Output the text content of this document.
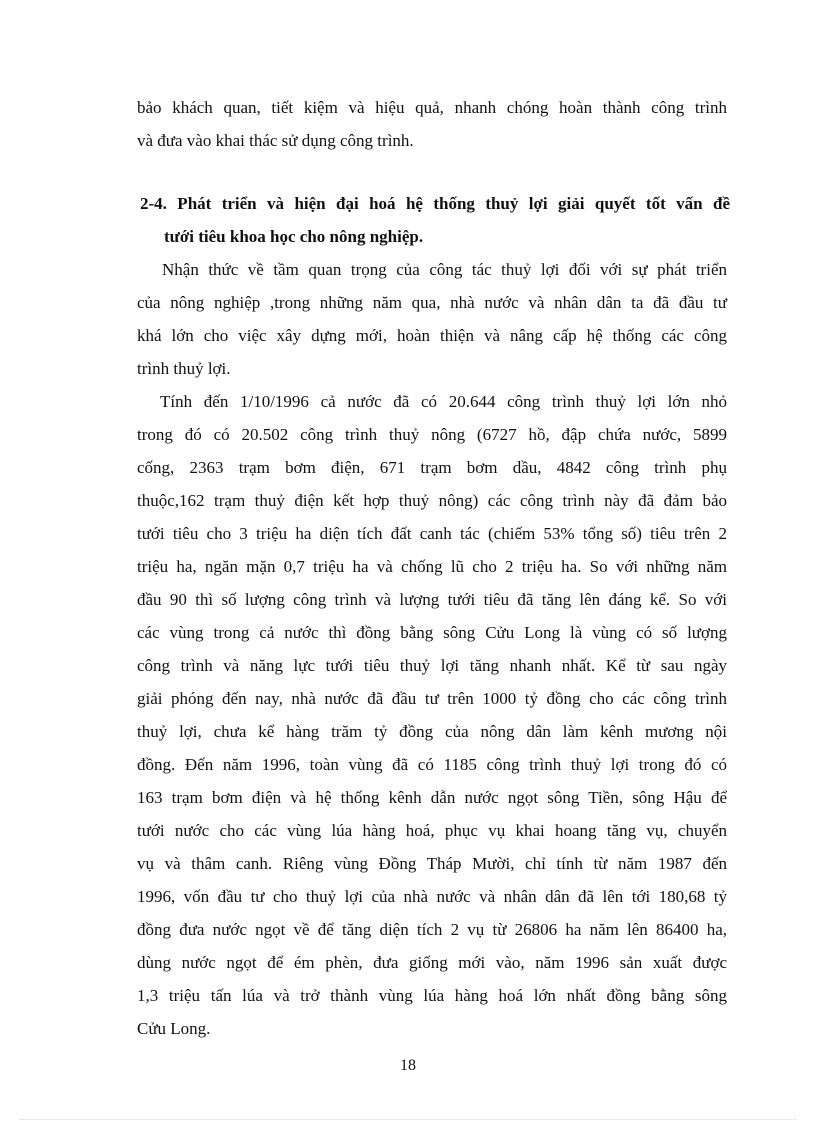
bảo khách quan, tiết kiệm và hiệu quả, nhanh chóng hoàn thành công trình
và đưa vào khai thác sử dụng công trình.
2-4. Phát triển và hiện đại hoá hệ thống thuỷ lợi giải quyết tốt vấn đề
tưới tiêu khoa học cho nông nghiệp.
Nhận thức về tầm quan trọng của công tác thuỷ lợi đối với sự phát triển
của nông nghiệp ,trong những năm qua, nhà nước và nhân dân ta đã đầu tư
khá lớn cho việc xây dựng mới, hoàn thiện và nâng cấp hệ thống các công
trình thuỷ lợi.
Tính đến 1/10/1996 cả nước đã có 20.644 công trình thuỷ lợi lớn nhỏ
trong đó có 20.502 công trình thuỷ nông (6727 hồ, đập chứa nước, 5899
cống, 2363 trạm bơm điện, 671 trạm bơm dầu, 4842 công trình phụ
thuộc,162 trạm thuỷ điện kết hợp thuỷ nông) các công trình này đã đảm bảo
tưới tiêu cho 3 triệu ha diện tích đất canh tác (chiếm 53% tổng số) tiêu trên 2
triệu ha, ngăn mặn 0,7 triệu ha và chống lũ cho 2 triệu ha. So với những năm
đầu 90 thì số lượng công trình và lượng tưới tiêu đã tăng lên đáng kể. So với
các vùng trong cả nước thì đồng bằng sông Cửu Long là vùng có số lượng
công trình và năng lực tưới tiêu thuỷ lợi tăng nhanh nhất. Kể từ sau ngày
giải phóng đến nay, nhà nước đã đầu tư trên 1000 tỷ đồng cho các công trình
thuỷ lợi, chưa kể hàng trăm tỷ đồng của nông dân làm kênh mương nội
đồng. Đến năm 1996, toàn vùng đã có 1185 công trình thuỷ lợi trong đó có
163 trạm bơm điện và hệ thống kênh dẫn nước ngọt sông Tiền, sông Hậu để
tưới nước cho các vùng lúa hàng hoá, phục vụ khai hoang tăng vụ, chuyển
vụ và thâm canh. Riêng vùng Đồng Tháp Mười, chỉ tính từ năm 1987 đến
1996, vốn đầu tư cho thuỷ lợi của nhà nước và nhân dân đã lên tới 180,68 tỷ
đồng đưa nước ngọt về để tăng diện tích 2 vụ từ 26806 ha năm lên 86400 ha,
dùng nước ngọt để ém phèn, đưa giống mới vào, năm 1996 sản xuất được
1,3 triệu tấn lúa và trở thành vùng lúa hàng hoá lớn nhất đồng bằng sông
Cửu Long.
18
